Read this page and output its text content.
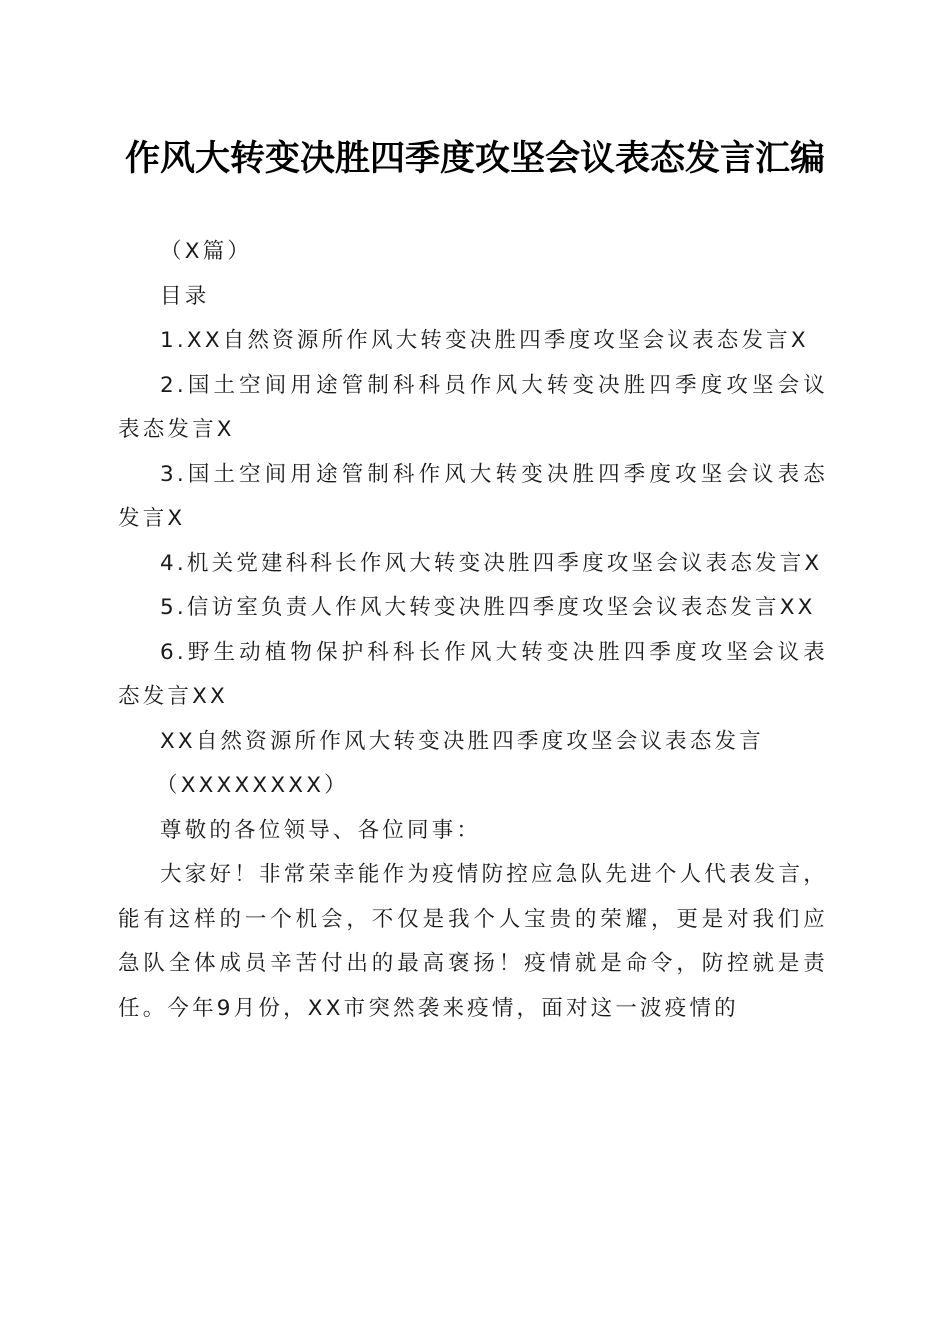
作风大转变决胜四季度攻坚会议表态发言汇编

（X篇）

目录

1.XX自然资源所作风大转变决胜四季度攻坚会议表态发言X

2.国土空间用途管制科科员作风大转变决胜四季度攻坚会议表态发言X

3.国土空间用途管制科作风大转变决胜四季度攻坚会议表态发言X

4.机关党建科科长作风大转变决胜四季度攻坚会议表态发言X

5.信访室负责人作风大转变决胜四季度攻坚会议表态发言XX

6.野生动植物保护科科长作风大转变决胜四季度攻坚会议表态发言XX

XX自然资源所作风大转变决胜四季度攻坚会议表态发言

（XXXXXXXX）

尊敬的各位领导、各位同事：

大家好！非常荣幸能作为疫情防控应急队先进个人代表发言，能有这样的一个机会，不仅是我个人宝贵的荣耀，更是对我们应急队全体成员辛苦付出的最高褒扬！疫情就是命令，防控就是责任。今年9月份，XX市突然袭来疫情，面对这一波疫情的
